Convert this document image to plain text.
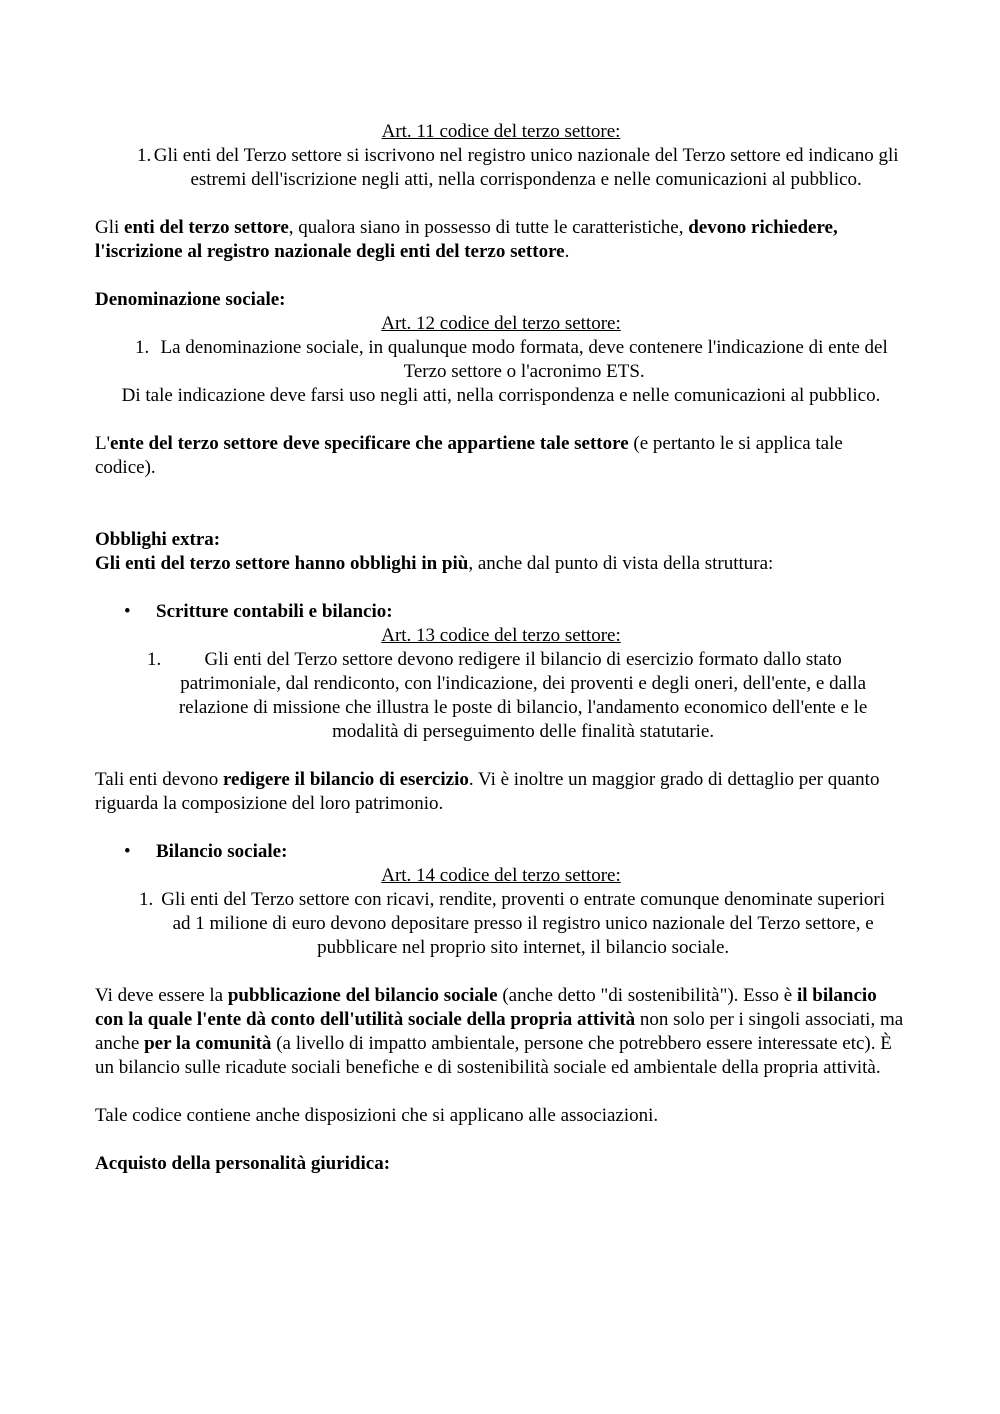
Art. 11 codice del terzo settore:
1. Gli enti del Terzo settore si iscrivono nel registro unico nazionale del Terzo settore ed indicano gli estremi dell'iscrizione negli atti, nella corrispondenza e nelle comunicazioni al pubblico.
Gli enti del terzo settore, qualora siano in possesso di tutte le caratteristiche, devono richiedere, l'iscrizione al registro nazionale degli enti del terzo settore.
Denominazione sociale:
Art. 12 codice del terzo settore:
1. La denominazione sociale, in qualunque modo formata, deve contenere l'indicazione di ente del Terzo settore o l'acronimo ETS.
Di tale indicazione deve farsi uso negli atti, nella corrispondenza e nelle comunicazioni al pubblico.
L'ente del terzo settore deve specificare che appartiene tale settore (e pertanto le si applica tale codice).
Obblighi extra:
Gli enti del terzo settore hanno obblighi in più, anche dal punto di vista della struttura:
•	Scritture contabili e bilancio:
Art. 13 codice del terzo settore:
1.	Gli enti del Terzo settore devono redigere il bilancio di esercizio formato dallo stato patrimoniale, dal rendiconto, con l'indicazione, dei proventi e degli oneri, dell'ente, e dalla relazione di missione che illustra le poste di bilancio, l'andamento economico dell'ente e le modalità di perseguimento delle finalità statutarie.
Tali enti devono redigere il bilancio di esercizio. Vi è inoltre un maggior grado di dettaglio per quanto riguarda la composizione del loro patrimonio.
•	Bilancio sociale:
Art. 14 codice del terzo settore:
1. Gli enti del Terzo settore con ricavi, rendite, proventi o entrate comunque denominate superiori ad 1 milione di euro devono depositare presso il registro unico nazionale del Terzo settore, e pubblicare nel proprio sito internet, il bilancio sociale.
Vi deve essere la pubblicazione del bilancio sociale (anche detto "di sostenibilità"). Esso è il bilancio con la quale l'ente dà conto dell'utilità sociale della propria attività non solo per i singoli associati, ma anche per la comunità (a livello di impatto ambientale, persone che potrebbero essere interessate etc). È un bilancio sulle ricadute sociali benefiche e di sostenibilità sociale ed ambientale della propria attività.
Tale codice contiene anche disposizioni che si applicano alle associazioni.
Acquisto della personalità giuridica:
